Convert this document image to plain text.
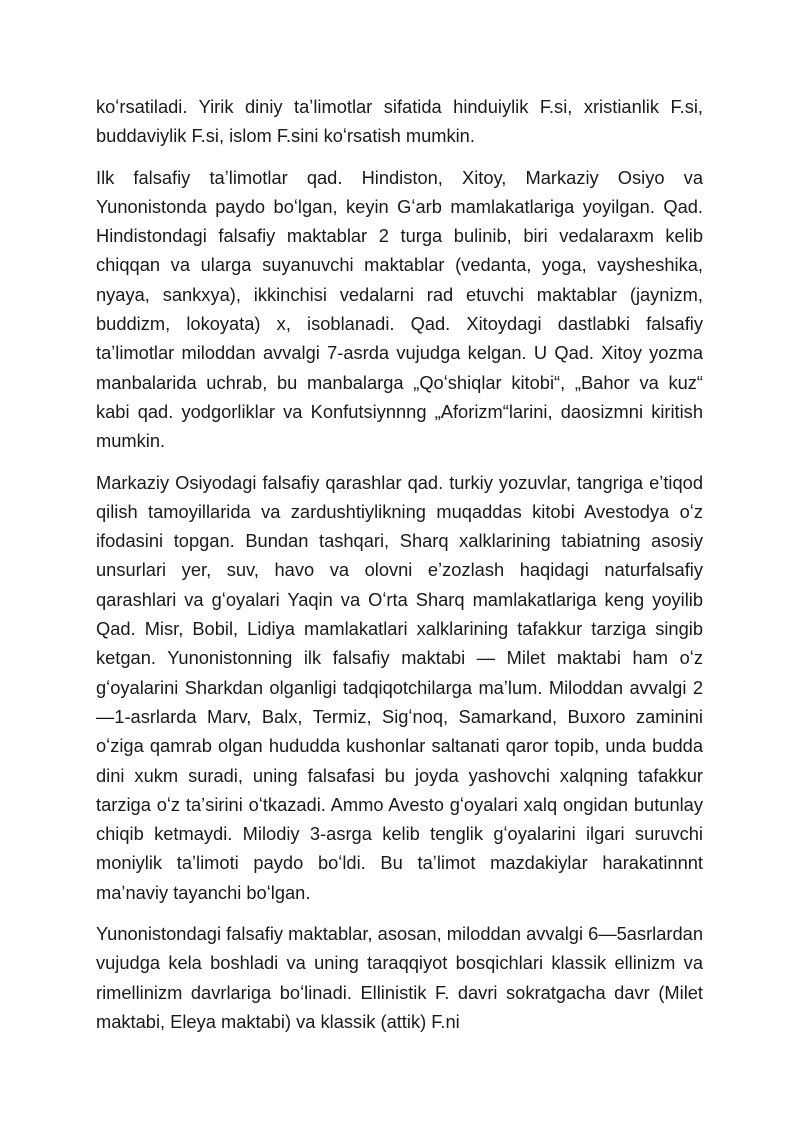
koʻrsatiladi. Yirik diniy taʼlimotlar sifatida hinduiylik F.si, xristianlik F.si, buddaviylik F.si, islom F.sini koʻrsatish mumkin.

Ilk falsafiy taʼlimotlar qad. Hindiston, Xitoy, Markaziy Osiyo va Yunonistonda paydo boʻlgan, keyin Gʻarb mamlakatlariga yoyilgan. Qad. Hindistondagi falsafiy maktablar 2 turga bulinib, biri vedalaraxm kelib chiqqan va ularga suyanuvchi maktablar (vedanta, yoga, vaysheshika, nyaya, sankxya), ikkinchisi vedalarni rad etuvchi maktablar (jaynizm, buddizm, lokoyata) x, isoblanadi. Qad. Xitoydagi dastlabki falsafiy taʼlimotlar miloddan avvalgi 7-asrda vujudga kelgan. U Qad. Xitoy yozma manbalarida uchrab, bu manbalarga „Qoʻshiqlar kitobi“, „Bahor va kuz“ kabi qad. yodgorliklar va Konfutsiynnng „Aforizm“larini, daosizmni kiritish mumkin.

Markaziy Osiyodagi falsafiy qarashlar qad. turkiy yozuvlar, tangriga eʼtiqod qilish tamoyillarida va zardushtiylikning muqaddas kitobi Avestodya oʻz ifodasini topgan. Bundan tashqari, Sharq xalklarining tabiatning asosiy unsurlari yer, suv, havo va olovni eʼzozlash haqidagi naturfalsafiy qarashlari va gʻoyalari Yaqin va Oʻrta Sharq mamlakatlariga keng yoyilib Qad. Misr, Bobil, Lidiya mamlakatlari xalklarining tafakkur tarziga singib ketgan. Yunonistonning ilk falsafiy maktabi — Milet maktabi ham oʻz gʻoyalarini Sharkdan olganligi tadqiqotchilarga maʼlum. Miloddan avvalgi 2—1-asrlarda Marv, Balx, Termiz, Sigʻnoq, Samarkand, Buxoro zaminini oʻziga qamrab olgan hududda kushonlar saltanati qaror topib, unda budda dini xukm suradi, uning falsafasi bu joyda yashovchi xalqning tafakkur tarziga oʻz taʼsirini oʻtkazadi. Ammo Avesto gʻoyalari xalq ongidan butunlay chiqib ketmaydi. Milodiy 3-asrga kelib tenglik gʻoyalarini ilgari suruvchi moniylik taʼlimoti paydo boʻldi. Bu taʼlimot mazdakiylar harakatinnnt maʼnaviy tayanchi boʻlgan.

Yunonistondagi falsafiy maktablar, asosan, miloddan avvalgi 6—5asrlardan vujudga kela boshladi va uning taraqqiyot bosqichlari klassik ellinizm va rimellinizm davrlariga boʻlinadi. Ellinistik F. davri sokratgacha davr (Milet maktabi, Eleya maktabi) va klassik (attik) F.ni
